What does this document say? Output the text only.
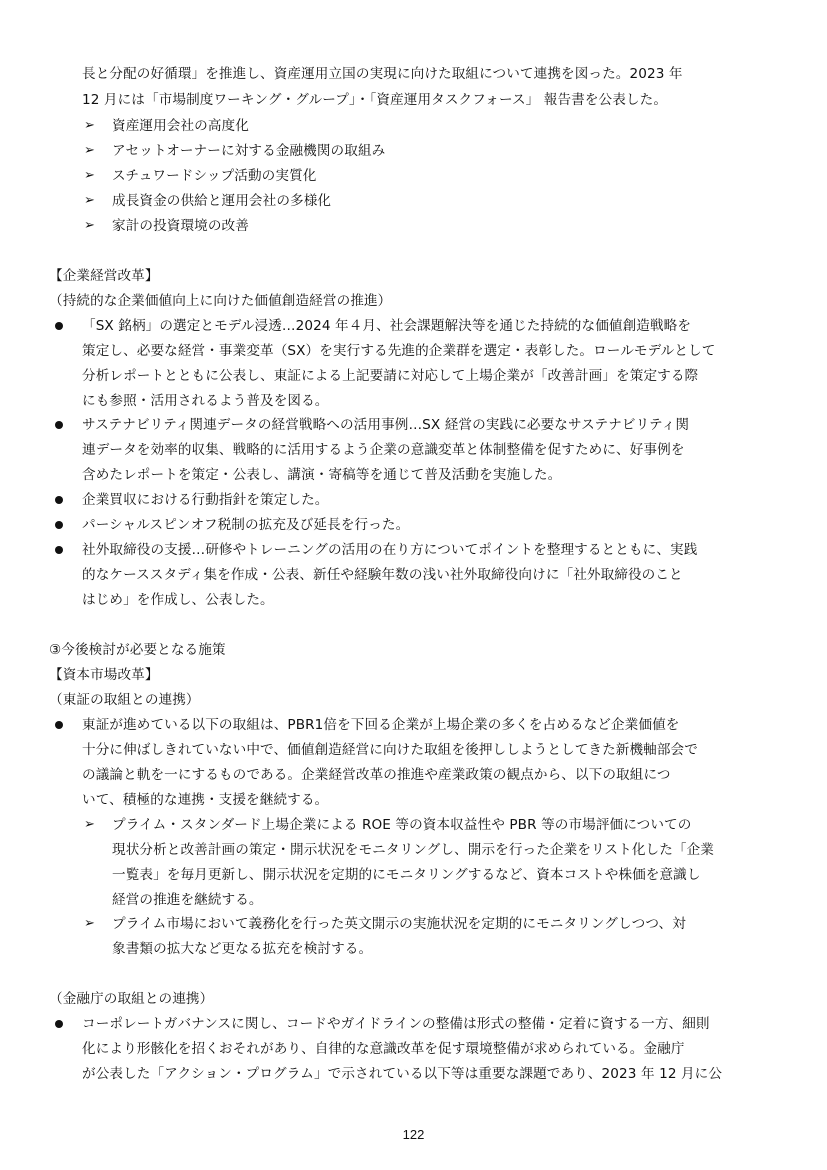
長と分配の好循環」を推進し、資産運用立国の実現に向けた取組について連携を図った。2023 年
12 月には「市場制度ワーキング・グループ」・「資産運用タスクフォース」 報告書を公表した。
➢ 資産運用会社の高度化
➢ アセットオーナーに対する金融機関の取組み
➢ スチュワードシップ活動の実質化
➢ 成長資金の供給と運用会社の多様化
➢ 家計の投資環境の改善
【企業経営改革】
（持続的な企業価値向上に向けた価値創造経営の推進）
「SX 銘柄」の選定とモデル浸透…2024 年４月、社会課題解決等を通じた持続的な価値創造戦略を
策定し、必要な経営・事業変革（SX）を実行する先進的企業群を選定・表彰した。ロールモデルとして
分析レポートとともに公表し、東証による上記要請に対応して上場企業が「改善計画」を策定する際
にも参照・活用されるよう普及を図る。
サステナビリティ関連データの経営戦略への活用事例…SX 経営の実践に必要なサステナビリティ関
連データを効率的収集、戦略的に活用するよう企業の意識変革と体制整備を促すために、好事例を
含めたレポートを策定・公表し、講演・寄稿等を通じて普及活動を実施した。
企業買収における行動指針を策定した。
パーシャルスピンオフ税制の拡充及び延長を行った。
社外取締役の支援…研修やトレーニングの活用の在り方についてポイントを整理するとともに、実践
的なケーススタディ集を作成・公表、新任や経験年数の浅い社外取締役向けに「社外取締役のこと
はじめ」を作成し、公表した。
③今後検討が必要となる施策
【資本市場改革】
（東証の取組との連携）
東証が進めている以下の取組は、PBR1倍を下回る企業が上場企業の多くを占めるなど企業価値を
十分に伸ばしきれていない中で、価値創造経営に向けた取組を後押ししようとしてきた新機軸部会で
の議論と軌を一にするものである。企業経営改革の推進や産業政策の観点から、以下の取組につ
いて、積極的な連携・支援を継続する。
➢ プライム・スタンダード上場企業による ROE 等の資本収益性や PBR 等の市場評価についての
現状分析と改善計画の策定・開示状況をモニタリングし、開示を行った企業をリスト化した「企業
一覧表」を毎月更新し、開示状況を定期的にモニタリングするなど、資本コストや株価を意識し
経営の推進を継続する。
➢ プライム市場において義務化を行った英文開示の実施状況を定期的にモニタリングしつつ、対
象書類の拡大など更なる拡充を検討する。
（金融庁の取組との連携）
コーポレートガバナンスに関し、コードやガイドラインの整備は形式の整備・定着に資する一方、細則
化により形骸化を招くおそれがあり、自律的な意識改革を促す環境整備が求められている。金融庁
が公表した「アクション・プログラム」で示されている以下等は重要な課題であり、2023 年 12 月に公
122
